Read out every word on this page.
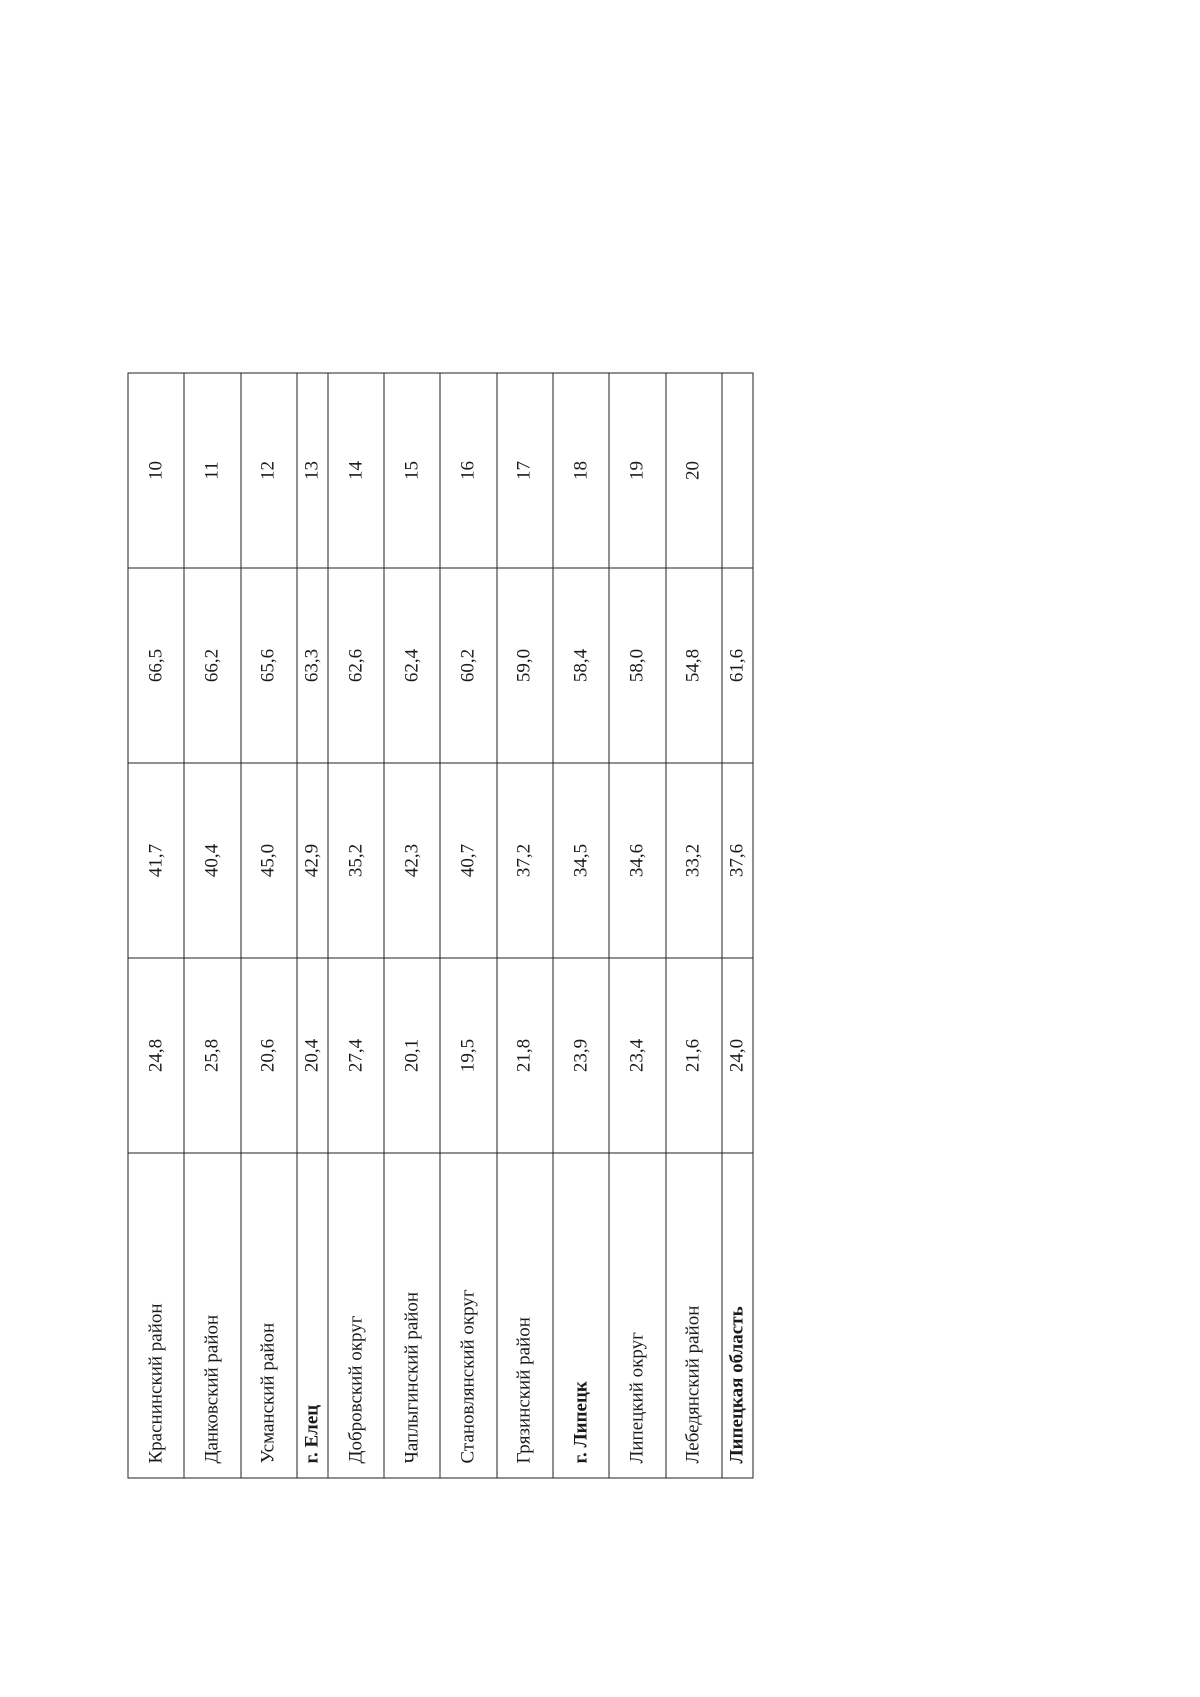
Краснинский район	24,8	41,7	66,5	10
Данковский район	25,8	40,4	66,2	11
Усманский район	20,6	45,0	65,6	12
г. Елец	20,4	42,9	63,3	13
Добровский округ	27,4	35,2	62,6	14
Чаплыгинский район	20,1	42,3	62,4	15
Становлянский округ	19,5	40,7	60,2	16
Грязинский район	21,8	37,2	59,0	17
г. Липецк	23,9	34,5	58,4	18
Липецкий округ	23,4	34,6	58,0	19
Лебедянский район	21,6	33,2	54,8	20
Липецкая область	24,0	37,6	61,6	
